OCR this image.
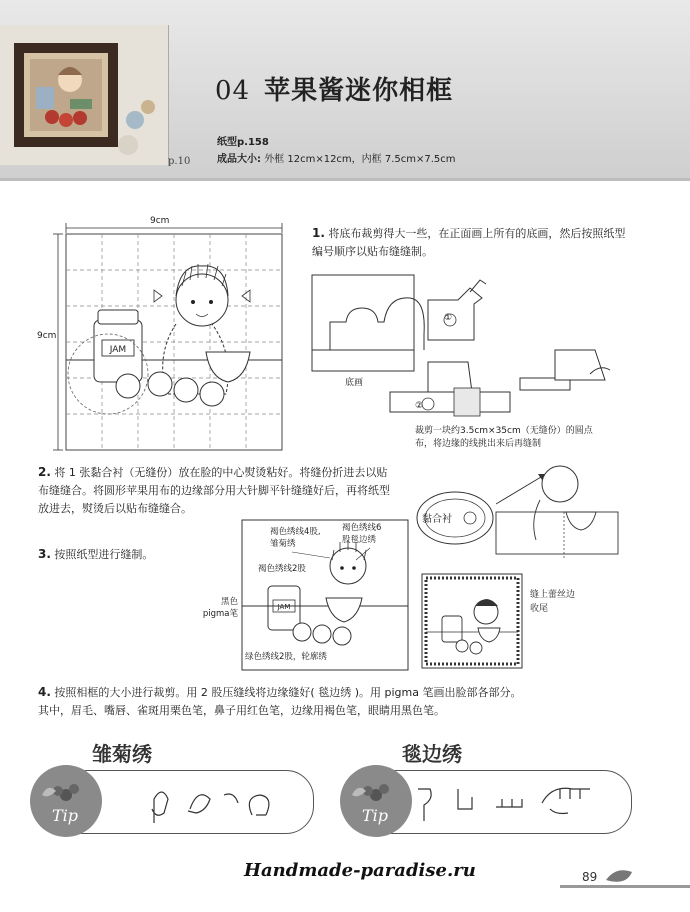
p.10
04 苹果酱迷你相框
纸型p.158
成品大小: 外框 12cm×12cm，内框 7.5cm×7.5cm
JAM
9cm
9cm
1. 将底布裁剪得大一些，在正面画上所有的底画，然后按照纸型
编号顺序以贴布缝缝制。
①
②
底画
裁剪一块约3.5cm×35cm（无缝份）的圆点
布，将边缘的线挑出来后再缝制
2. 将 1 张黏合衬（无缝份）放在脸的中心熨烫粘好。将缝份折进去以贴
布缝缝合。将圆形苹果用布的边缘部分用大针脚平针缝缝好后，再将纸型
放进去，熨烫后以贴布缝缝合。
黏合衬
3. 按照纸型进行缝制。
JAM
褐色绣线4股,
雏菊绣
褐色绣线6
股毯边绣
褐色绣线2股
黑色
pigma笔
绿色绣线2股，轮廓绣
缝上蕾丝边
收尾
4. 按照相框的大小进行裁剪。用 2 股压缝线将边缘缝好( 毯边绣 )。用 pigma 笔画出脸部各部分。
其中，眉毛、嘴唇、雀斑用栗色笔，鼻子用红色笔，边缘用褐色笔，眼睛用黑色笔。
雏菊绣
Tip
毯边绣
Tip
Handmade-paradise.ru	89
